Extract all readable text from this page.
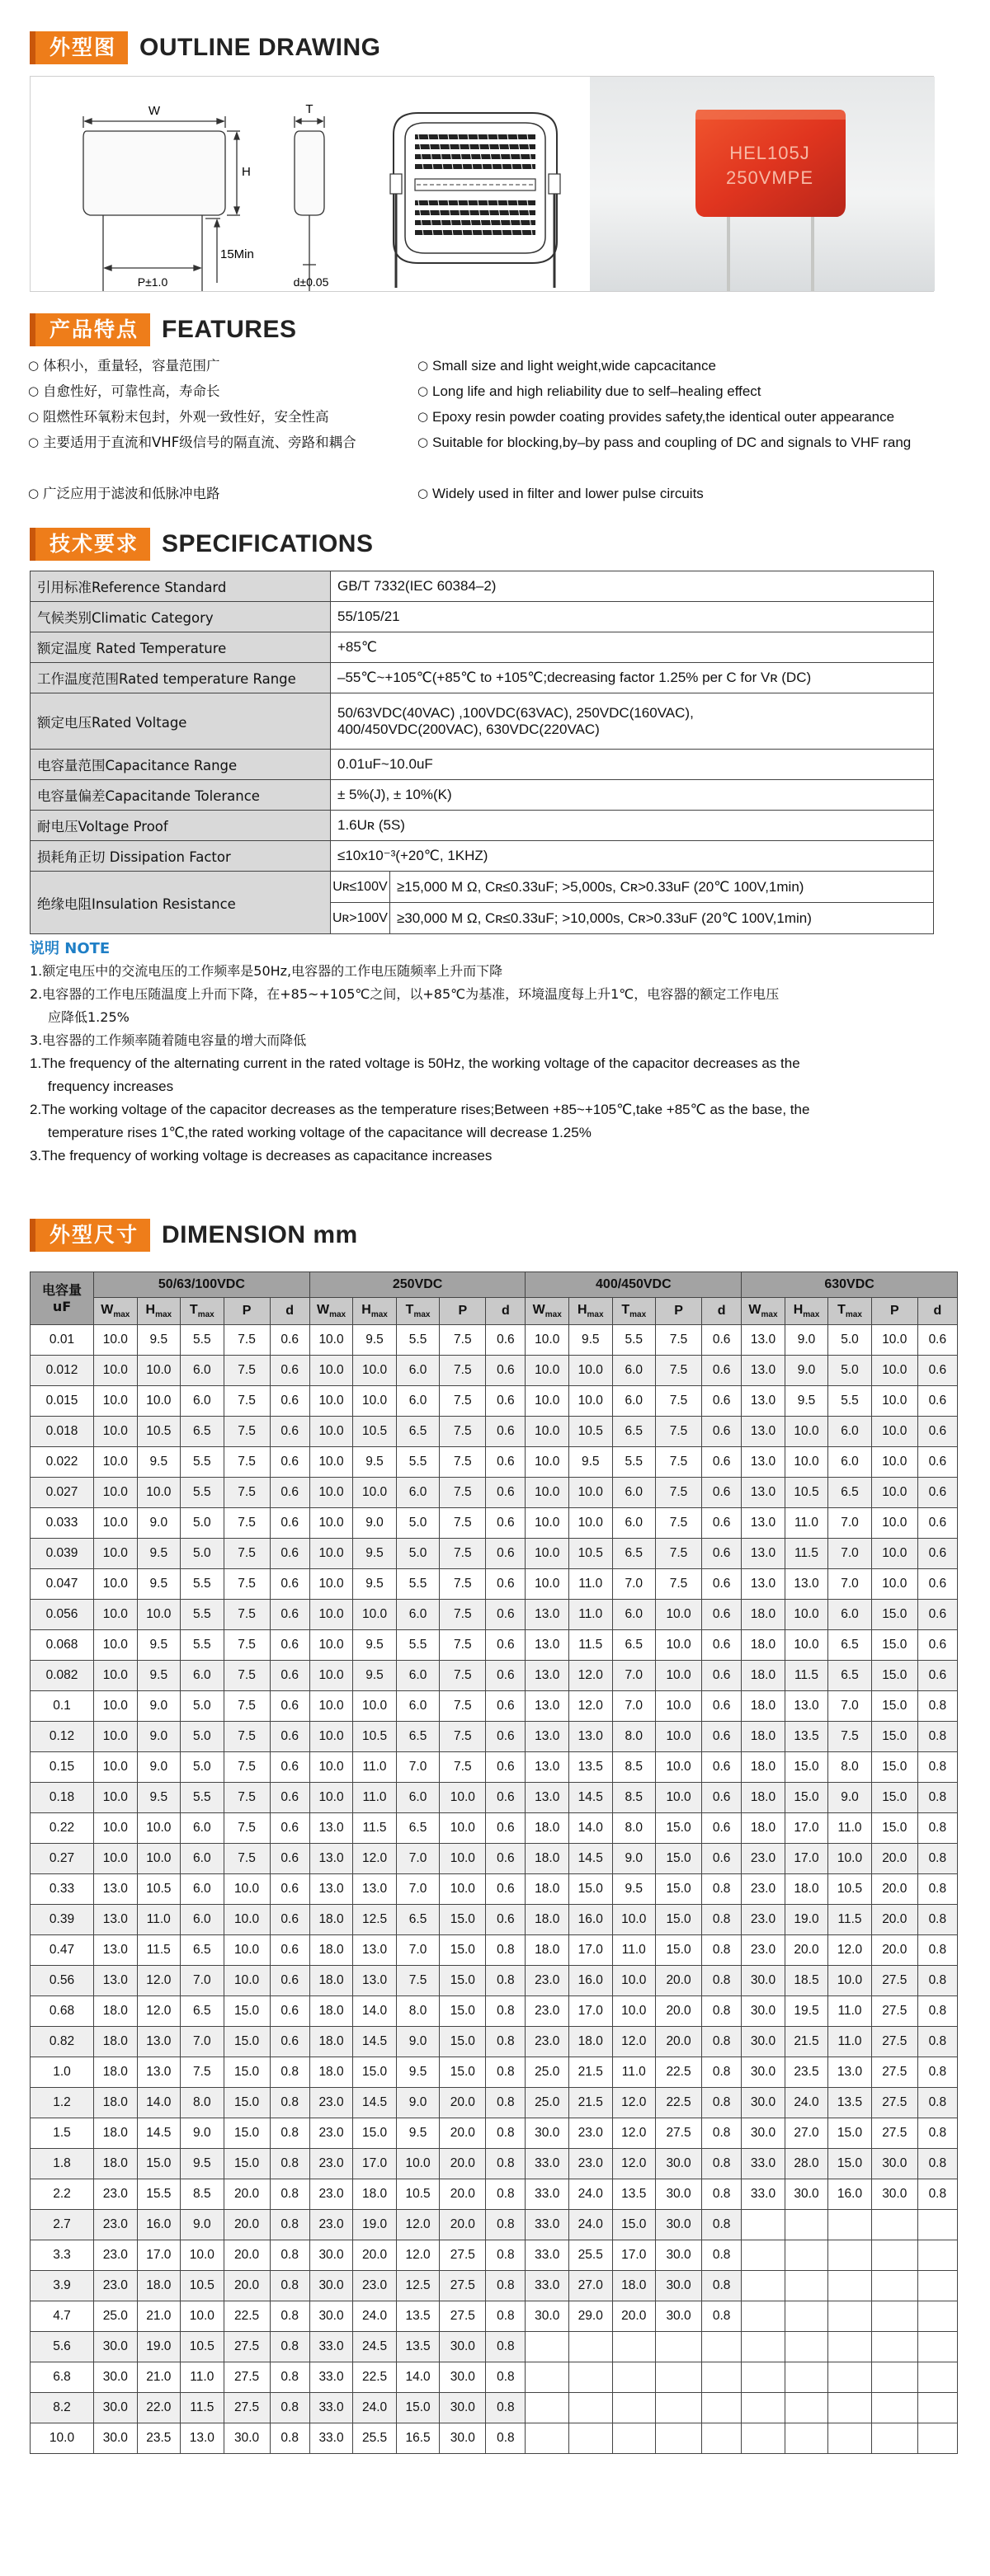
外型图 OUTLINE DRAWING
W
H
15Min
P±1.0
T
d±0.05
HEL105J
250VMPE
产品特点 FEATURES
○ 体积小，重量轻，容量范围广
○ 自愈性好，可靠性高，寿命长
○ 阻燃性环氧粉末包封，外观一致性好，安全性高
○ 主要适用于直流和VHF级信号的隔直流、旁路和耦合
○ 广泛应用于滤波和低脉冲电路
○ Small size and light weight,wide capcacitance
○ Long life and high reliability due to self–healing effect
○ Epoxy resin powder coating provides safety,the identical outer appearance
○ Suitable for blocking,by–by pass and coupling of DC and signals to VHF rang
○ Widely used in filter and lower pulse circuits
技术要求 SPECIFICATIONS
引用标准Reference Standard	GB/T 7332(IEC 60384–2)	
气候类别Climatic Category	55/105/21	
额定温度 Rated Temperature	+85℃	
工作温度范围Rated temperature Range	–55℃~+105℃(+85℃ to +105℃;decreasing factor 1.25% per C for Vʀ (DC)	
额定电压Rated Voltage	50/63VDC(40VAC) ,100VDC(63VAC), 250VDC(160VAC),
400/450VDC(200VAC), 630VDC(220VAC)	

电容量范围Capacitance Range	0.01uF~10.0uF	
电容量偏差Capacitande Tolerance	± 5%(J), ± 10%(K)	
耐电压Voltage Proof	1.6Uʀ (5S)	
损耗角正切 Dissipation Factor	≤10x10⁻³(+20℃, 1KHZ)	
绝缘电阻Insulation Resistance	Uʀ≤100V	≥15,000 M Ω, Cʀ≤0.33uF; >5,000s, Cʀ>0.33uF (20℃ 100V,1min)
	Uʀ>100V	≥30,000 M Ω, Cʀ≤0.33uF; >10,000s, Cʀ>0.33uF (20℃ 100V,1min)
说明 NOTE

1.额定电压中的交流电压的工作频率是50Hz,电容器的工作电压随频率上升而下降

2.电容器的工作电压随温度上升而下降，在+85~+105℃之间，以+85℃为基准，环境温度每上升1℃，电容器的额定工作电压
应降低1.25%

3.电容器的工作频率随着随电容量的增大而降低

1.The frequency of the alternating current in the rated voltage is 50Hz, the working voltage of the capacitor decreases as the
frequency increases

2.The working voltage of the capacitor decreases as the temperature rises;Between +85~+105℃,take +85℃ as the base, the
temperature rises 1℃,the rated working voltage of the capacitance will decrease 1.25%

3.The frequency of working voltage is decreases as capacitance increases

外型尺寸 DIMENSION mm
电容量
uF	50/63/100VDC					250VDC					400/450VDC					630VDC				
	$W_{max}$	$H_{max}$	$T_{max}$	P	d	$W_{max}$	$H_{max}$	$T_{max}$	P	d	$W_{max}$	$H_{max}$	$T_{max}$	P	d	$W_{max}$	$H_{max}$	$T_{max}$	P	d
0.01	10.0	9.5	5.5	7.5	0.6	10.0	9.5	5.5	7.5	0.6	10.0	9.5	5.5	7.5	0.6	13.0	9.0	5.0	10.0	0.6
0.012	10.0	10.0	6.0	7.5	0.6	10.0	10.0	6.0	7.5	0.6	10.0	10.0	6.0	7.5	0.6	13.0	9.0	5.0	10.0	0.6
0.015	10.0	10.0	6.0	7.5	0.6	10.0	10.0	6.0	7.5	0.6	10.0	10.0	6.0	7.5	0.6	13.0	9.5	5.5	10.0	0.6
0.018	10.0	10.5	6.5	7.5	0.6	10.0	10.5	6.5	7.5	0.6	10.0	10.5	6.5	7.5	0.6	13.0	10.0	6.0	10.0	0.6
0.022	10.0	9.5	5.5	7.5	0.6	10.0	9.5	5.5	7.5	0.6	10.0	9.5	5.5	7.5	0.6	13.0	10.0	6.0	10.0	0.6
0.027	10.0	10.0	5.5	7.5	0.6	10.0	10.0	6.0	7.5	0.6	10.0	10.0	6.0	7.5	0.6	13.0	10.5	6.5	10.0	0.6
0.033	10.0	9.0	5.0	7.5	0.6	10.0	9.0	5.0	7.5	0.6	10.0	10.0	6.0	7.5	0.6	13.0	11.0	7.0	10.0	0.6
0.039	10.0	9.5	5.0	7.5	0.6	10.0	9.5	5.0	7.5	0.6	10.0	10.5	6.5	7.5	0.6	13.0	11.5	7.0	10.0	0.6
0.047	10.0	9.5	5.5	7.5	0.6	10.0	9.5	5.5	7.5	0.6	10.0	11.0	7.0	7.5	0.6	13.0	13.0	7.0	10.0	0.6
0.056	10.0	10.0	5.5	7.5	0.6	10.0	10.0	6.0	7.5	0.6	13.0	11.0	6.0	10.0	0.6	18.0	10.0	6.0	15.0	0.6
0.068	10.0	9.5	5.5	7.5	0.6	10.0	9.5	5.5	7.5	0.6	13.0	11.5	6.5	10.0	0.6	18.0	10.0	6.5	15.0	0.6
0.082	10.0	9.5	6.0	7.5	0.6	10.0	9.5	6.0	7.5	0.6	13.0	12.0	7.0	10.0	0.6	18.0	11.5	6.5	15.0	0.6
0.1	10.0	9.0	5.0	7.5	0.6	10.0	10.0	6.0	7.5	0.6	13.0	12.0	7.0	10.0	0.6	18.0	13.0	7.0	15.0	0.8
0.12	10.0	9.0	5.0	7.5	0.6	10.0	10.5	6.5	7.5	0.6	13.0	13.0	8.0	10.0	0.6	18.0	13.5	7.5	15.0	0.8
0.15	10.0	9.0	5.0	7.5	0.6	10.0	11.0	7.0	7.5	0.6	13.0	13.5	8.5	10.0	0.6	18.0	15.0	8.0	15.0	0.8
0.18	10.0	9.5	5.5	7.5	0.6	10.0	11.0	6.0	10.0	0.6	13.0	14.5	8.5	10.0	0.6	18.0	15.0	9.0	15.0	0.8
0.22	10.0	10.0	6.0	7.5	0.6	13.0	11.5	6.5	10.0	0.6	18.0	14.0	8.0	15.0	0.6	18.0	17.0	11.0	15.0	0.8
0.27	10.0	10.0	6.0	7.5	0.6	13.0	12.0	7.0	10.0	0.6	18.0	14.5	9.0	15.0	0.6	23.0	17.0	10.0	20.0	0.8
0.33	13.0	10.5	6.0	10.0	0.6	13.0	13.0	7.0	10.0	0.6	18.0	15.0	9.5	15.0	0.8	23.0	18.0	10.5	20.0	0.8
0.39	13.0	11.0	6.0	10.0	0.6	18.0	12.5	6.5	15.0	0.6	18.0	16.0	10.0	15.0	0.8	23.0	19.0	11.5	20.0	0.8
0.47	13.0	11.5	6.5	10.0	0.6	18.0	13.0	7.0	15.0	0.8	18.0	17.0	11.0	15.0	0.8	23.0	20.0	12.0	20.0	0.8
0.56	13.0	12.0	7.0	10.0	0.6	18.0	13.0	7.5	15.0	0.8	23.0	16.0	10.0	20.0	0.8	30.0	18.5	10.0	27.5	0.8
0.68	18.0	12.0	6.5	15.0	0.6	18.0	14.0	8.0	15.0	0.8	23.0	17.0	10.0	20.0	0.8	30.0	19.5	11.0	27.5	0.8
0.82	18.0	13.0	7.0	15.0	0.6	18.0	14.5	9.0	15.0	0.8	23.0	18.0	12.0	20.0	0.8	30.0	21.5	11.0	27.5	0.8
1.0	18.0	13.0	7.5	15.0	0.8	18.0	15.0	9.5	15.0	0.8	25.0	21.5	11.0	22.5	0.8	30.0	23.5	13.0	27.5	0.8
1.2	18.0	14.0	8.0	15.0	0.8	23.0	14.5	9.0	20.0	0.8	25.0	21.5	12.0	22.5	0.8	30.0	24.0	13.5	27.5	0.8
1.5	18.0	14.5	9.0	15.0	0.8	23.0	15.0	9.5	20.0	0.8	30.0	23.0	12.0	27.5	0.8	30.0	27.0	15.0	27.5	0.8
1.8	18.0	15.0	9.5	15.0	0.8	23.0	17.0	10.0	20.0	0.8	33.0	23.0	12.0	30.0	0.8	33.0	28.0	15.0	30.0	0.8
2.2	23.0	15.5	8.5	20.0	0.8	23.0	18.0	10.5	20.0	0.8	33.0	24.0	13.5	30.0	0.8	33.0	30.0	16.0	30.0	0.8
2.7	23.0	16.0	9.0	20.0	0.8	23.0	19.0	12.0	20.0	0.8	33.0	24.0	15.0	30.0	0.8					
3.3	23.0	17.0	10.0	20.0	0.8	30.0	20.0	12.0	27.5	0.8	33.0	25.5	17.0	30.0	0.8					
3.9	23.0	18.0	10.5	20.0	0.8	30.0	23.0	12.5	27.5	0.8	33.0	27.0	18.0	30.0	0.8					
4.7	25.0	21.0	10.0	22.5	0.8	30.0	24.0	13.5	27.5	0.8	30.0	29.0	20.0	30.0	0.8					
5.6	30.0	19.0	10.5	27.5	0.8	33.0	24.5	13.5	30.0	0.8										
6.8	30.0	21.0	11.0	27.5	0.8	33.0	22.5	14.0	30.0	0.8										
8.2	30.0	22.0	11.5	27.5	0.8	33.0	24.0	15.0	30.0	0.8										
10.0	30.0	23.5	13.0	30.0	0.8	33.0	25.5	16.5	30.0	0.8										
